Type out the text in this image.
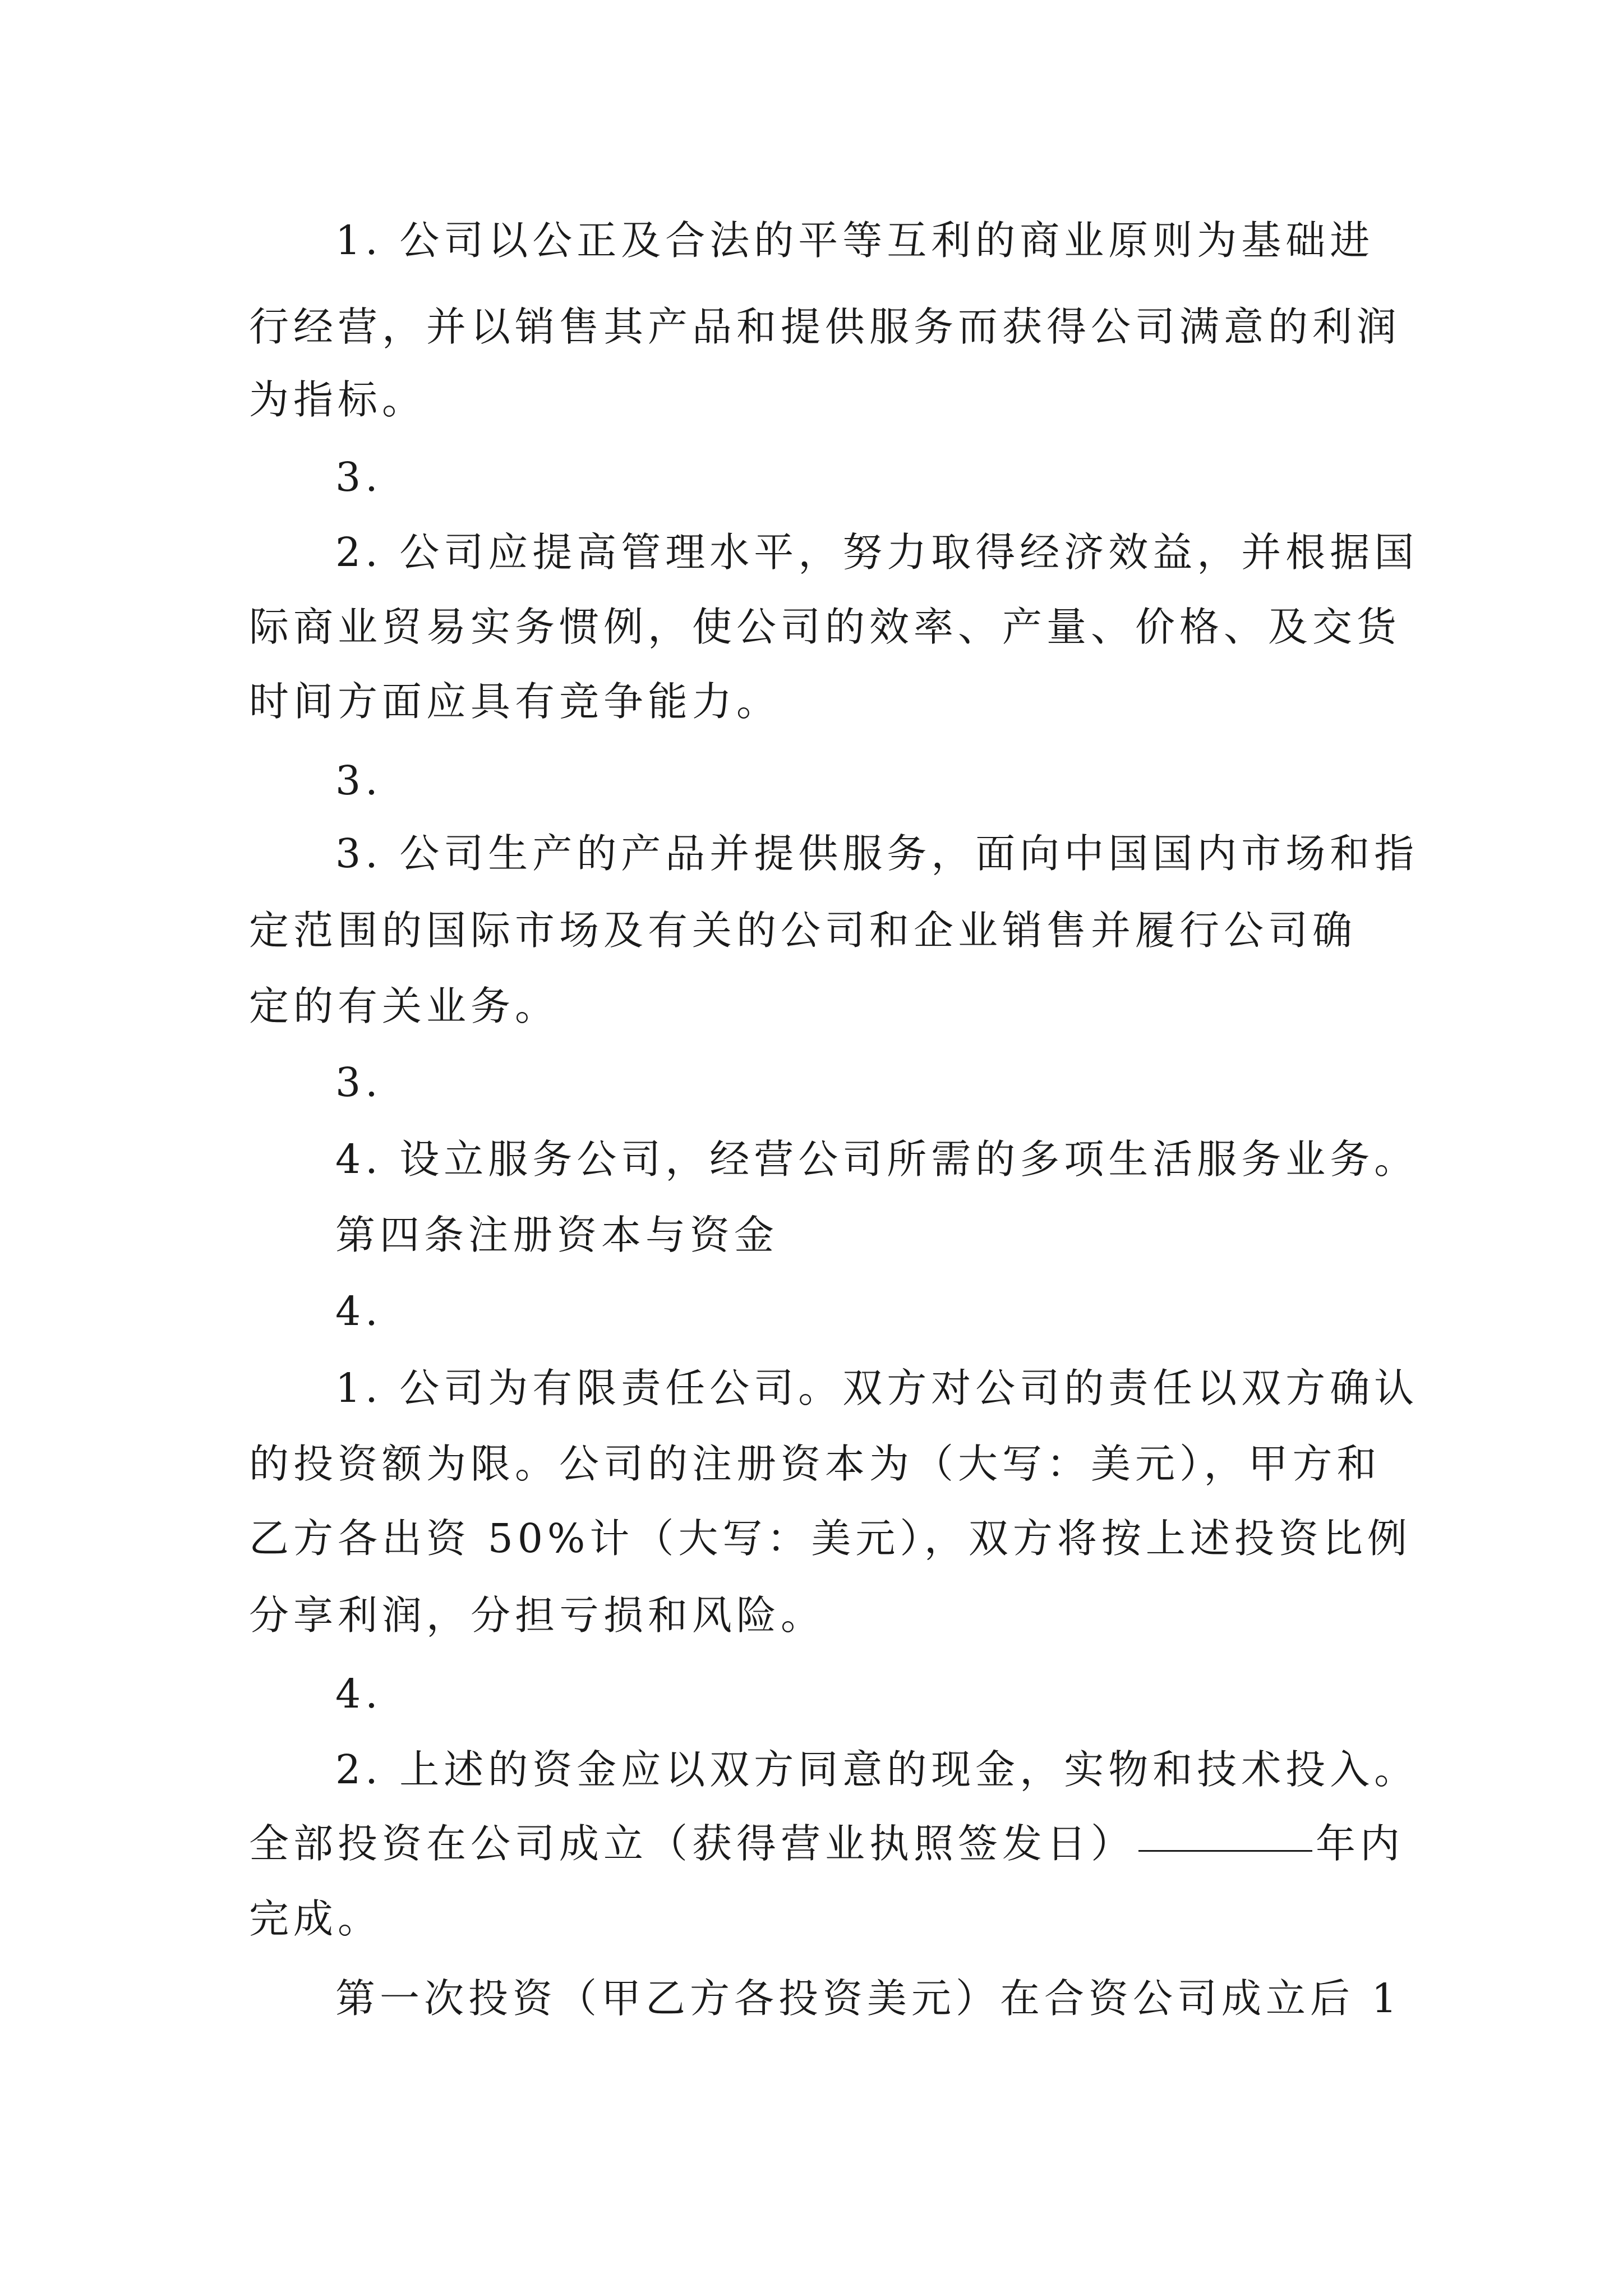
1. 公司以公正及合法的平等互利的商业原则为基础进
行经营，并以销售其产品和提供服务而获得公司满意的利润
为指标。
3.
2. 公司应提高管理水平，努力取得经济效益，并根据国
际商业贸易实务惯例，使公司的效率、产量、价格、及交货
时间方面应具有竞争能力。
3.
3. 公司生产的产品并提供服务，面向中国国内市场和指
定范围的国际市场及有关的公司和企业销售并履行公司确
定的有关业务。
3.
4. 设立服务公司，经营公司所需的多项生活服务业务。
第四条注册资本与资金
4.
1. 公司为有限责任公司。双方对公司的责任以双方确认
的投资额为限。公司的注册资本为（大写：美元），甲方和
乙方各出资 50%计（大写：美元），双方将按上述投资比例
分享利润，分担亏损和风险。
4.
2. 上述的资金应以双方同意的现金，实物和技术投入。
全部投资在公司成立（获得营业执照签发日）	年内
完成。
第一次投资（甲乙方各投资美元）在合资公司成立后 1
